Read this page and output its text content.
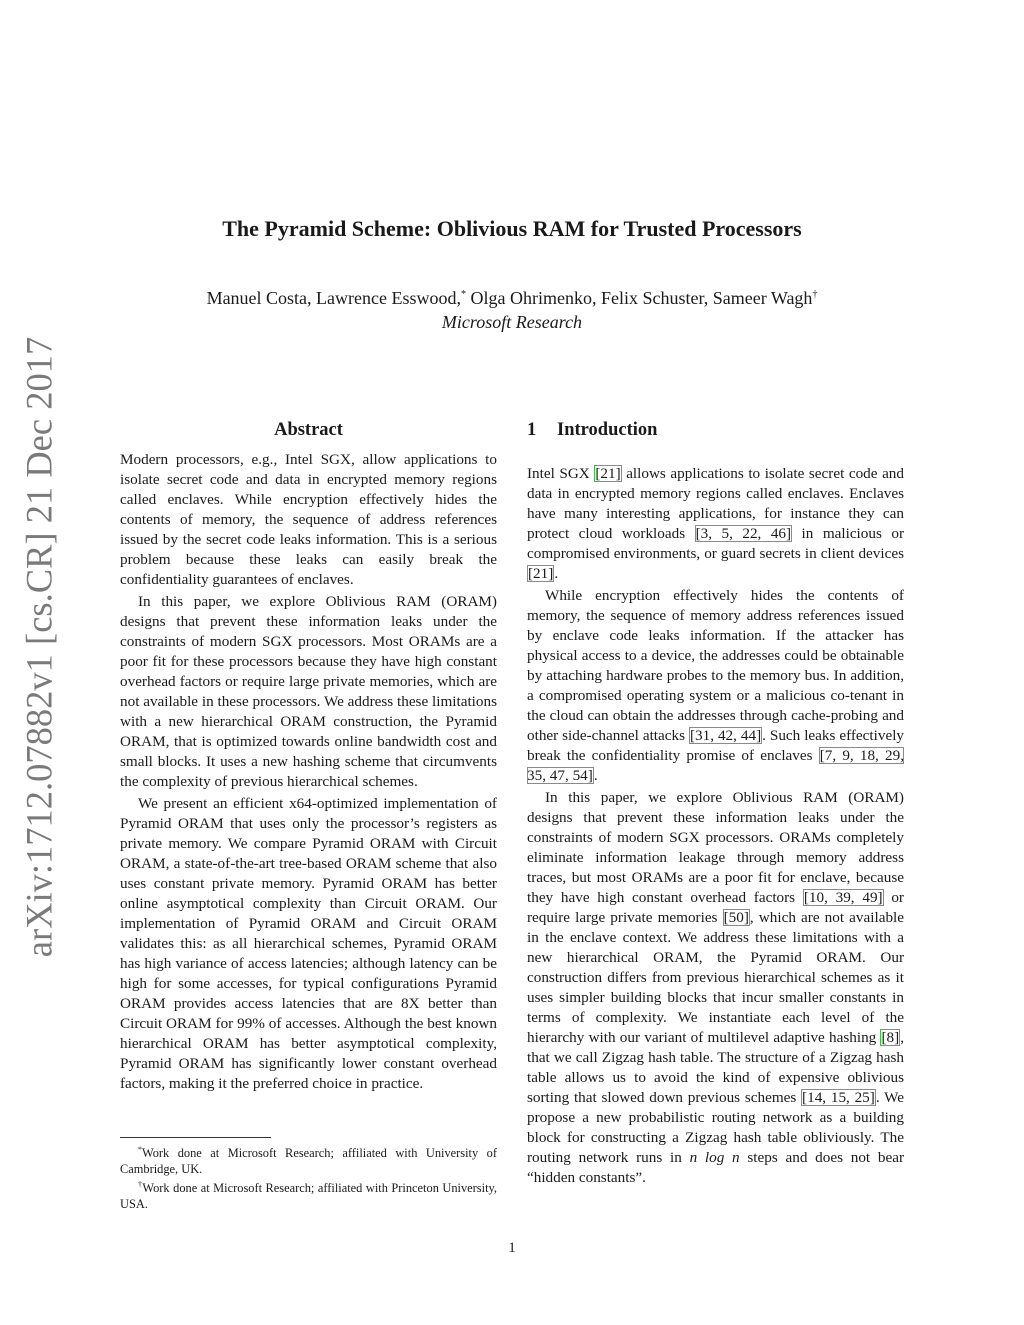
arXiv:1712.07882v1 [cs.CR] 21 Dec 2017
The Pyramid Scheme: Oblivious RAM for Trusted Processors
Manuel Costa, Lawrence Esswood,* Olga Ohrimenko, Felix Schuster, Sameer Wagh†
Microsoft Research
Abstract

Modern processors, e.g., Intel SGX, allow applications to isolate secret code and data in encrypted memory regions called enclaves. While encryption effectively hides the contents of memory, the sequence of address references issued by the secret code leaks information. This is a serious problem because these leaks can easily break the confidentiality guarantees of enclaves.

In this paper, we explore Oblivious RAM (ORAM) designs that prevent these information leaks under the constraints of modern SGX processors. Most ORAMs are a poor fit for these processors because they have high constant overhead factors or require large private memories, which are not available in these processors. We address these limitations with a new hierarchical ORAM construction, the Pyramid ORAM, that is optimized towards online bandwidth cost and small blocks. It uses a new hashing scheme that circumvents the complexity of previous hierarchical schemes.

We present an efficient x64-optimized implementation of Pyramid ORAM that uses only the processor’s registers as private memory. We compare Pyramid ORAM with Circuit ORAM, a state-of-the-art tree-based ORAM scheme that also uses constant private memory. Pyramid ORAM has better online asymptotical complexity than Circuit ORAM. Our implementation of Pyramid ORAM and Circuit ORAM validates this: as all hierarchical schemes, Pyramid ORAM has high variance of access latencies; although latency can be high for some accesses, for typical configurations Pyramid ORAM provides access latencies that are 8X better than Circuit ORAM for 99% of accesses. Although the best known hierarchical ORAM has better asymptotical complexity, Pyramid ORAM has significantly lower constant overhead factors, making it the preferred choice in practice.

*Work done at Microsoft Research; affiliated with University of Cambridge, UK.

†Work done at Microsoft Research; affiliated with Princeton University, USA.

1 Introduction

Intel SGX [21] allows applications to isolate secret code and data in encrypted memory regions called enclaves. Enclaves have many interesting applications, for instance they can protect cloud workloads [3, 5, 22, 46] in malicious or compromised environments, or guard secrets in client devices [21].

While encryption effectively hides the contents of memory, the sequence of memory address references issued by enclave code leaks information. If the attacker has physical access to a device, the addresses could be obtainable by attaching hardware probes to the memory bus. In addition, a compromised operating system or a malicious co-tenant in the cloud can obtain the addresses through cache-probing and other side-channel attacks [31, 42, 44]. Such leaks effectively break the confidentiality promise of enclaves [7, 9, 18, 29, 35, 47, 54].

In this paper, we explore Oblivious RAM (ORAM) designs that prevent these information leaks under the constraints of modern SGX processors. ORAMs completely eliminate information leakage through memory address traces, but most ORAMs are a poor fit for enclave, because they have high constant overhead factors [10, 39, 49] or require large private memories [50], which are not available in the enclave context. We address these limitations with a new hierarchical ORAM, the Pyramid ORAM. Our construction differs from previous hierarchical schemes as it uses simpler building blocks that incur smaller constants in terms of complexity. We instantiate each level of the hierarchy with our variant of multilevel adaptive hashing [8], that we call Zigzag hash table. The structure of a Zigzag hash table allows us to avoid the kind of expensive oblivious sorting that slowed down previous schemes [14, 15, 25]. We propose a new probabilistic routing network as a building block for constructing a Zigzag hash table obliviously. The routing network runs in n log n steps and does not bear “hidden constants”.

1
